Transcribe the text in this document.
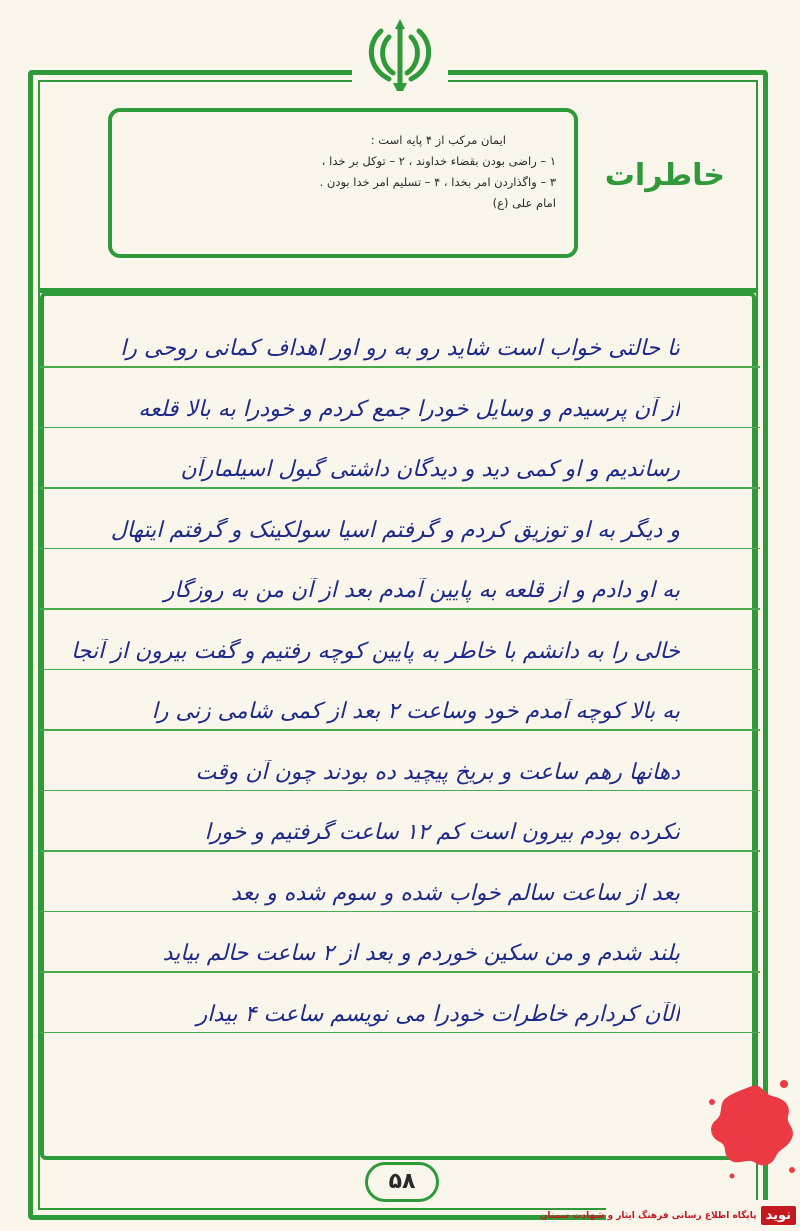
ایمان مرکب از ۴ پایه است :
۱ – راضی بودن بقضاء خداوند ، ۲ – توکل بر خدا ،
۳ – واگذاردن امر بخدا ، ۴ – تسلیم امر خدا بودن .
امام علی (ع)
خاطرات
تا حالتی خواب است شاید رو به رو اور اهداف کمانی روحی را
از آن پرسیدم و وسایل خودرا جمع کردم و خودرا به بالا قلعه
رساندیم و او کمی دید و دیدگان داشتی گبول اسیلمارآن
و دیگر به او توزیق کردم و گرفتم اسیا سولکینک و گرفتم ایتهال
به او دادم و از قلعه به پایین آمدم بعد از آن من به روزگار
خالی را به دانشم با خاطر به پایین کوچه رفتیم و گفت بیرون از آنجا
به بالا کوچه آمدم خود وساعت ۲ بعد از کمی شامی زنی را
دهانها رهم ساعت و بریخ پیچید ده بودند چون آن وقت
نکرده بودم بیرون است کم ۱۲ ساعت گرفتیم و خورا
بعد از ساعت سالم خواب شده و سوم شده و بعد
بلند شدم و من سکین خوردم و بعد از ۲ ساعت حالم بیاید
الآن کردارم خاطرات خودرا می نویسم ساعت ۴ بیدار
۵۸
نوید
پایگاه اطلاع رسانی فرهنگ ایثار و شهادت سمنان
